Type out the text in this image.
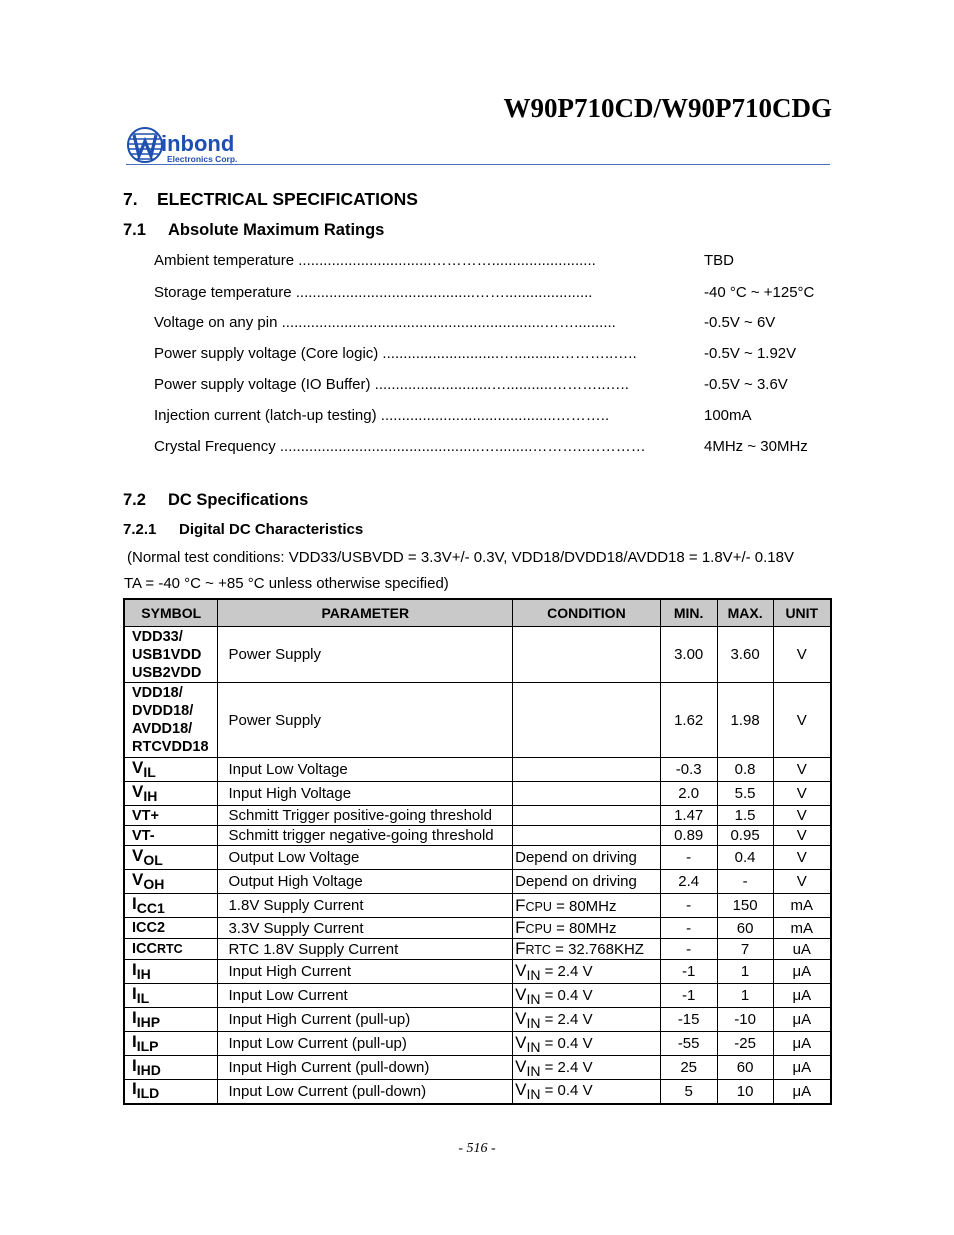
W90P710CD/W90P710CDG
inbond
Electronics Corp.
7. ELECTRICAL SPECIFICATIONS
7.1 Absolute Maximum Ratings
Ambient temperature ................................………….........................	TBD
Storage temperature ...........................................…….....................	-40 °C ~ +125°C
Voltage on any pin ...............................................................……..........	-0.5V ~ 6V
Power supply voltage (Core logic) ............................…...........………..…..	-0.5V ~ 1.92V
Power supply voltage (IO Buffer) ............................…...........………..…..	-0.5V ~ 3.6V
Injection current (latch-up testing) ..........................................………..	100mA
Crystal Frequency ................................................….........………..…………	4MHz ~ 30MHz
7.2 DC Specifications
7.2.1 Digital DC Characteristics
(Normal test conditions: VDD33/USBVDD = 3.3V+/- 0.3V, VDD18/DVDD18/AVDD18 = 1.8V+/- 0.18V
TA = -40 °C ~ +85 °C unless otherwise specified)
SYMBOL	PARAMETER	CONDITION	MIN.	MAX.	UNIT
VDD33/
USB1VDD
USB2VDD	Power Supply		3.00	3.60	V
VDD18/
DVDD18/
AVDD18/
RTCVDD18	Power Supply		1.62	1.98	V
VIL	Input Low Voltage		-0.3	0.8	V
VIH	Input High Voltage		2.0	5.5	V
VT+	Schmitt Trigger positive-going threshold		1.47	1.5	V
VT-	Schmitt trigger negative-going threshold		0.89	0.95	V
VOL	Output Low Voltage	Depend on driving	-	0.4	V
VOH	Output High Voltage	Depend on driving	2.4	-	V
ICC1	1.8V Supply Current	FCPU = 80MHz	-	150	mA
ICC2	3.3V Supply Current	FCPU = 80MHz	-	60	mA
ICCRTC	RTC 1.8V Supply Current	FRTC = 32.768KHZ	-	7	uA
IIH	Input High Current	VIN = 2.4 V	-1	1	μA
IIL	Input Low Current	VIN = 0.4 V	-1	1	μA
IIHP	Input High Current (pull-up)	VIN = 2.4 V	-15	-10	μA
IILP	Input Low Current (pull-up)	VIN = 0.4 V	-55	-25	μA
IIHD	Input High Current (pull-down)	VIN = 2.4 V	25	60	μA
IILD	Input Low Current (pull-down)	VIN = 0.4 V	5	10	μA
- 516 -
